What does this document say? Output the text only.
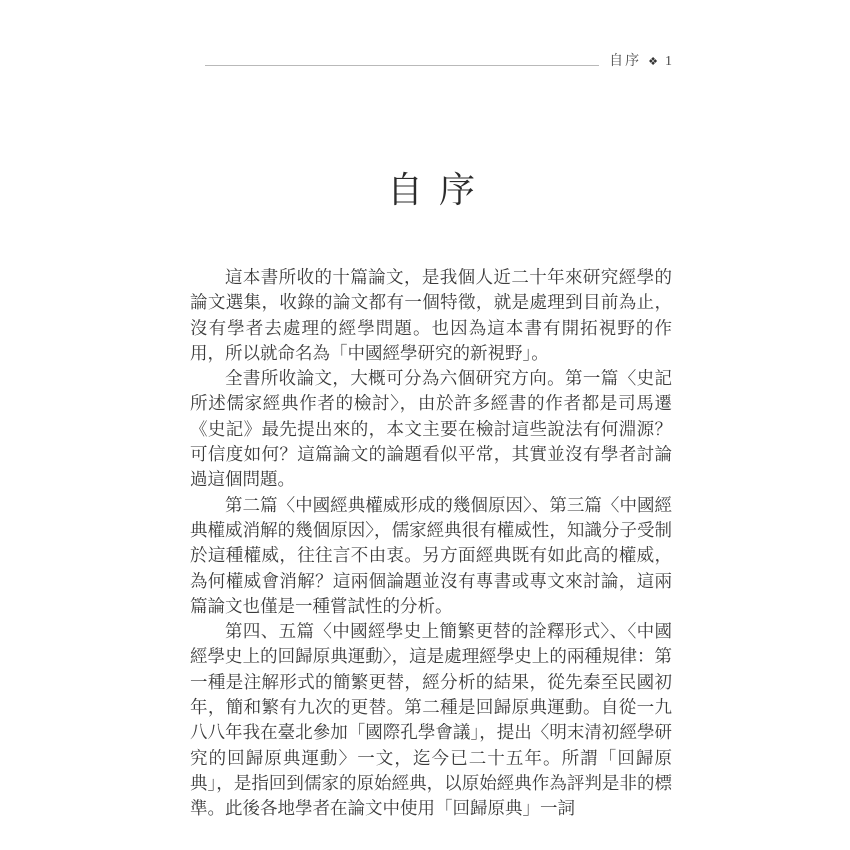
自序 ❖ 1
自序

這本書所收的十篇論文，是我個人近二十年來研究經學的論文選集，收錄的論文都有一個特徵，就是處理到目前為止，沒有學者去處理的經學問題。也因為這本書有開拓視野的作用，所以就命名為「中國經學研究的新視野」。

全書所收論文，大概可分為六個研究方向。第一篇〈史記所述儒家經典作者的檢討〉，由於許多經書的作者都是司馬遷《史記》最先提出來的，本文主要在檢討這些說法有何淵源？可信度如何？這篇論文的論題看似平常，其實並沒有學者討論過這個問題。

第二篇〈中國經典權威形成的幾個原因〉、第三篇〈中國經典權威消解的幾個原因〉，儒家經典很有權威性，知識分子受制於這種權威，往往言不由衷。另方面經典既有如此高的權威，為何權威會消解？這兩個論題並沒有專書或專文來討論，這兩篇論文也僅是一種嘗試性的分析。

第四、五篇〈中國經學史上簡繁更替的詮釋形式〉、〈中國經學史上的回歸原典運動〉，這是處理經學史上的兩種規律：第一種是注解形式的簡繁更替，經分析的結果，從先秦至民國初年，簡和繁有九次的更替。第二種是回歸原典運動。自從一九八八年我在臺北參加「國際孔學會議」，提出〈明末清初經學研究的回歸原典運動〉一文，迄今已二十五年。所謂「回歸原典」，是指回到儒家的原始經典，以原始經典作為評判是非的標準。此後各地學者在論文中使用「回歸原典」一詞
